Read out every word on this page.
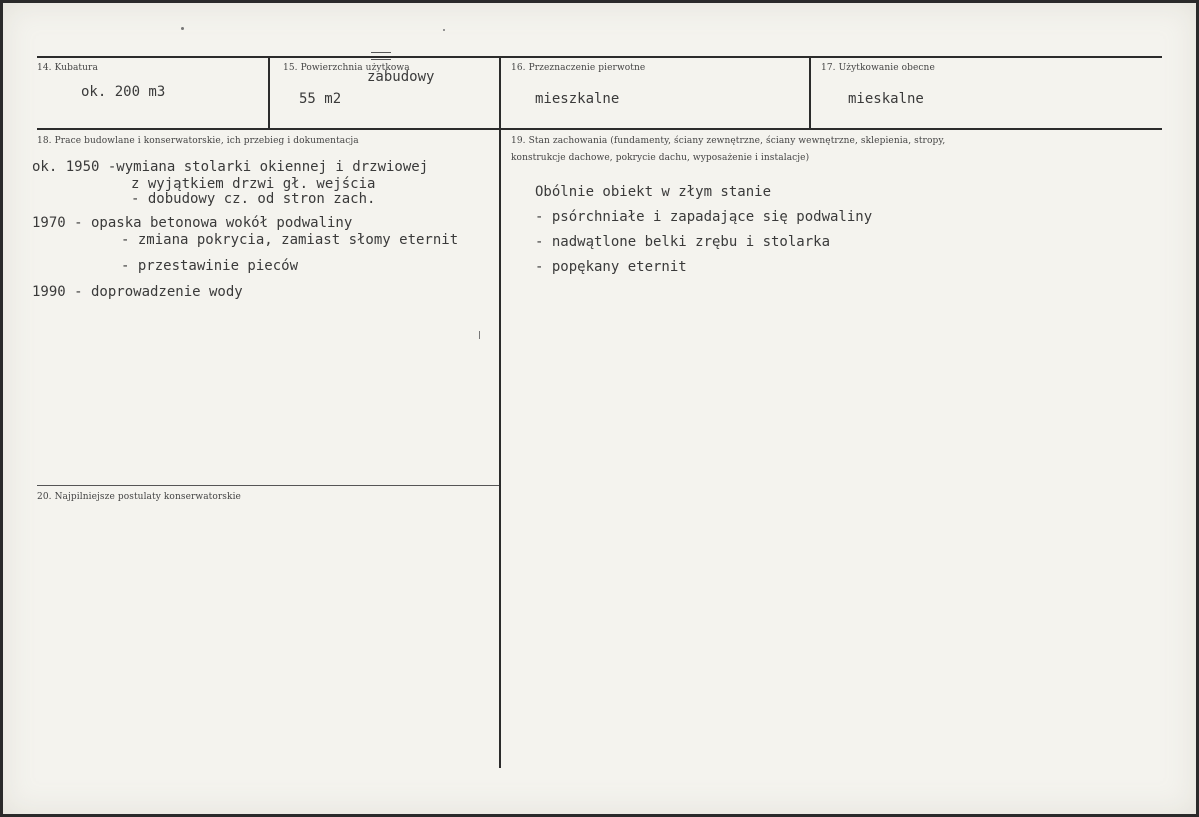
14. Kubatura
ok. 200 m3
15. Powierzchnia użytkowa
zabudowy
55 m2
16. Przeznaczenie pierwotne
mieszkalne
17. Użytkowanie obecne
mieskalne
18. Prace budowlane i konserwatorskie, ich przebieg i dokumentacja
ok. 1950 -wymiana stolarki okiennej i drzwiowej
z wyjątkiem drzwi gł. wejścia
- dobudowy cz. od stron zach.
1970 - opaska betonowa wokół podwaliny
- zmiana pokrycia, zamiast słomy eternit
- przestawinie pieców
1990 - doprowadzenie wody
19. Stan zachowania (fundamenty, ściany zewnętrzne, ściany wewnętrzne, sklepienia, stropy,
konstrukcje dachowe, pokrycie dachu, wyposażenie i instalacje)
Obólnie obiekt w złym stanie
- psórchniałe i zapadające się podwaliny
- nadwątlone belki zrębu i stolarka
- popękany eternit
20. Najpilniejsze postulaty konserwatorskie
